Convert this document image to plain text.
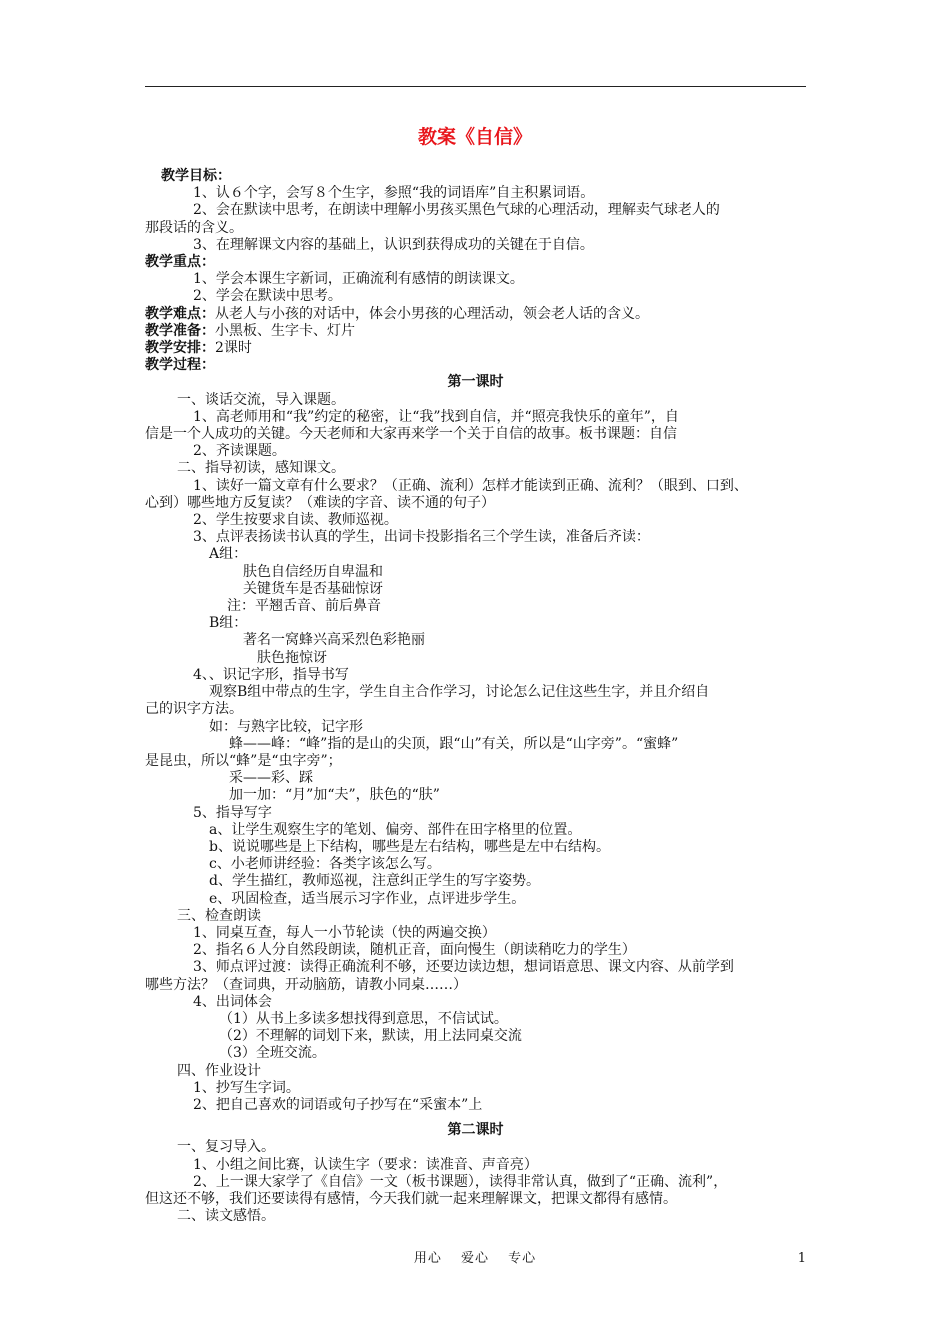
教案《自信》

教学目标：

1、认６个字，会写８个生字，参照“我的词语库”自主积累词语。

2、会在默读中思考，在朗读中理解小男孩买黑色气球的心理活动，理解卖气球老人的

那段话的含义。

3、在理解课文内容的基础上，认识到获得成功的关键在于自信。

教学重点：

1、学会本课生字新词，正确流利有感情的朗读课文。

2、学会在默读中思考。

教学难点：从老人与小孩的对话中，体会小男孩的心理活动，领会老人话的含义。

教学准备：小黑板、生字卡、灯片

教学安排：2课时

教学过程：

第一课时

一、谈话交流，导入课题。

1、高老师用和“我”约定的秘密，让“我”找到自信，并“照亮我快乐的童年”，自

信是一个人成功的关键。今天老师和大家再来学一个关于自信的故事。板书课题：自信

2、齐读课题。

二、指导初读，感知课文。

1、读好一篇文章有什么要求？（正确、流利）怎样才能读到正确、流利？（眼到、口到、

心到）哪些地方反复读？（难读的字音、读不通的句子）

2、学生按要求自读、教师巡视。

3、点评表扬读书认真的学生，出词卡投影指名三个学生读，准备后齐读：

A组：

肤色自信经历自卑温和

关键货车是否基础惊讶

注：平翘舌音、前后鼻音

B组：

著名一窝蜂兴高采烈色彩艳丽

肤色拖惊讶

4、、识记字形，指导书写

观察B组中带点的生字，学生自主合作学习，讨论怎么记住这些生字，并且介绍自

己的识字方法。

如：与熟字比较，记字形

蜂——峰：“峰”指的是山的尖顶，跟“山”有关，所以是“山字旁”。“蜜蜂”

是昆虫，所以“蜂”是“虫字旁”；

采——彩、踩

加一加：“月”加“夫”，肤色的“肤”

5、指导写字

a、让学生观察生字的笔划、偏旁、部件在田字格里的位置。

b、说说哪些是上下结构，哪些是左右结构，哪些是左中右结构。

c、小老师讲经验：各类字该怎么写。

d、学生描红，教师巡视，注意纠正学生的写字姿势。

e、巩固检查，适当展示习字作业，点评进步学生。

三、检查朗读

1、同桌互查，每人一小节轮读（快的两遍交换）

2、指名６人分自然段朗读，随机正音，面向慢生（朗读稍吃力的学生）

3、师点评过渡：读得正确流利不够，还要边读边想，想词语意思、课文内容、从前学到

哪些方法？（查词典，开动脑筋，请教小同桌……）

4、出词体会

（1）从书上多读多想找得到意思，不信试试。

（2）不理解的词划下来，默读，用上法同桌交流

（3）全班交流。

四、作业设计

1、抄写生字词。

2、把自己喜欢的词语或句子抄写在“采蜜本”上

第二课时

一、复习导入。

1、小组之间比赛，认读生字（要求：读准音、声音亮）

2、上一课大家学了《自信》一文（板书课题），读得非常认真，做到了“正确、流利”，

但这还不够，我们还要读得有感情，今天我们就一起来理解课文，把课文都得有感情。

二、读文感悟。

用心　 爱心　 专心	1
